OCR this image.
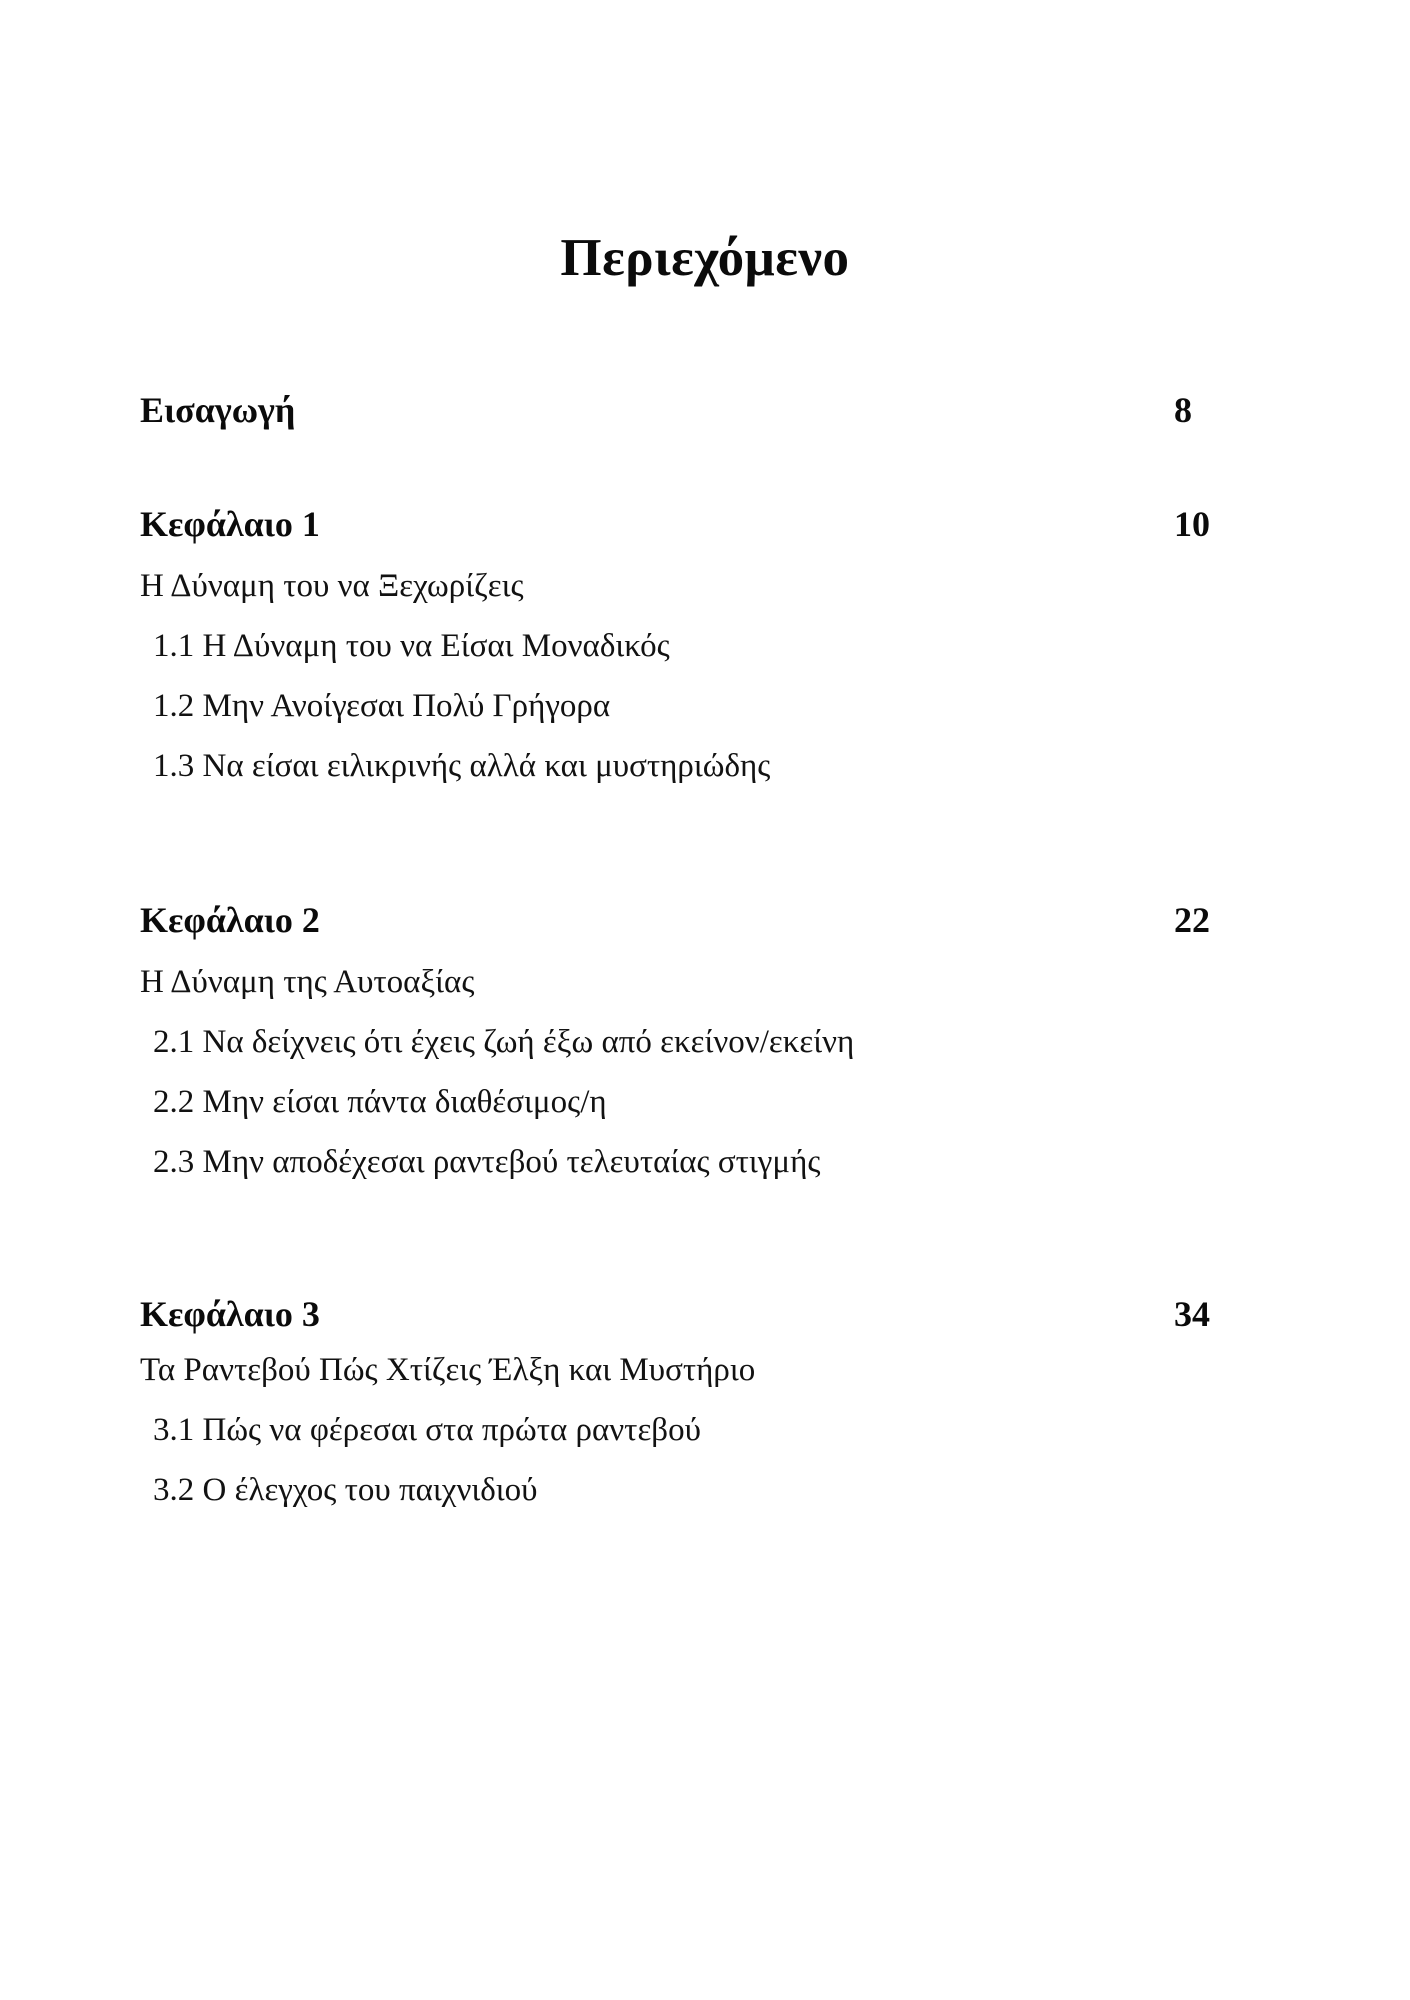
Περιεχόμενο
Εισαγωγή	8
Κεφάλαιο 1	10
Η Δύναμη του να Ξεχωρίζεις
1.1 Η Δύναμη του να Είσαι Μοναδικός
1.2 Μην Ανοίγεσαι Πολύ Γρήγορα
1.3 Να είσαι ειλικρινής αλλά και μυστηριώδης
Κεφάλαιο 2	22
Η Δύναμη της Αυτοαξίας
2.1 Να δείχνεις ότι έχεις ζωή έξω από εκείνον/εκείνη
2.2 Μην είσαι πάντα διαθέσιμος/η
2.3 Μην αποδέχεσαι ραντεβού τελευταίας στιγμής
Κεφάλαιο 3	34
Τα Ραντεβού Πώς Χτίζεις Έλξη και Μυστήριο
3.1 Πώς να φέρεσαι στα πρώτα ραντεβού
3.2 Ο έλεγχος του παιχνιδιού
